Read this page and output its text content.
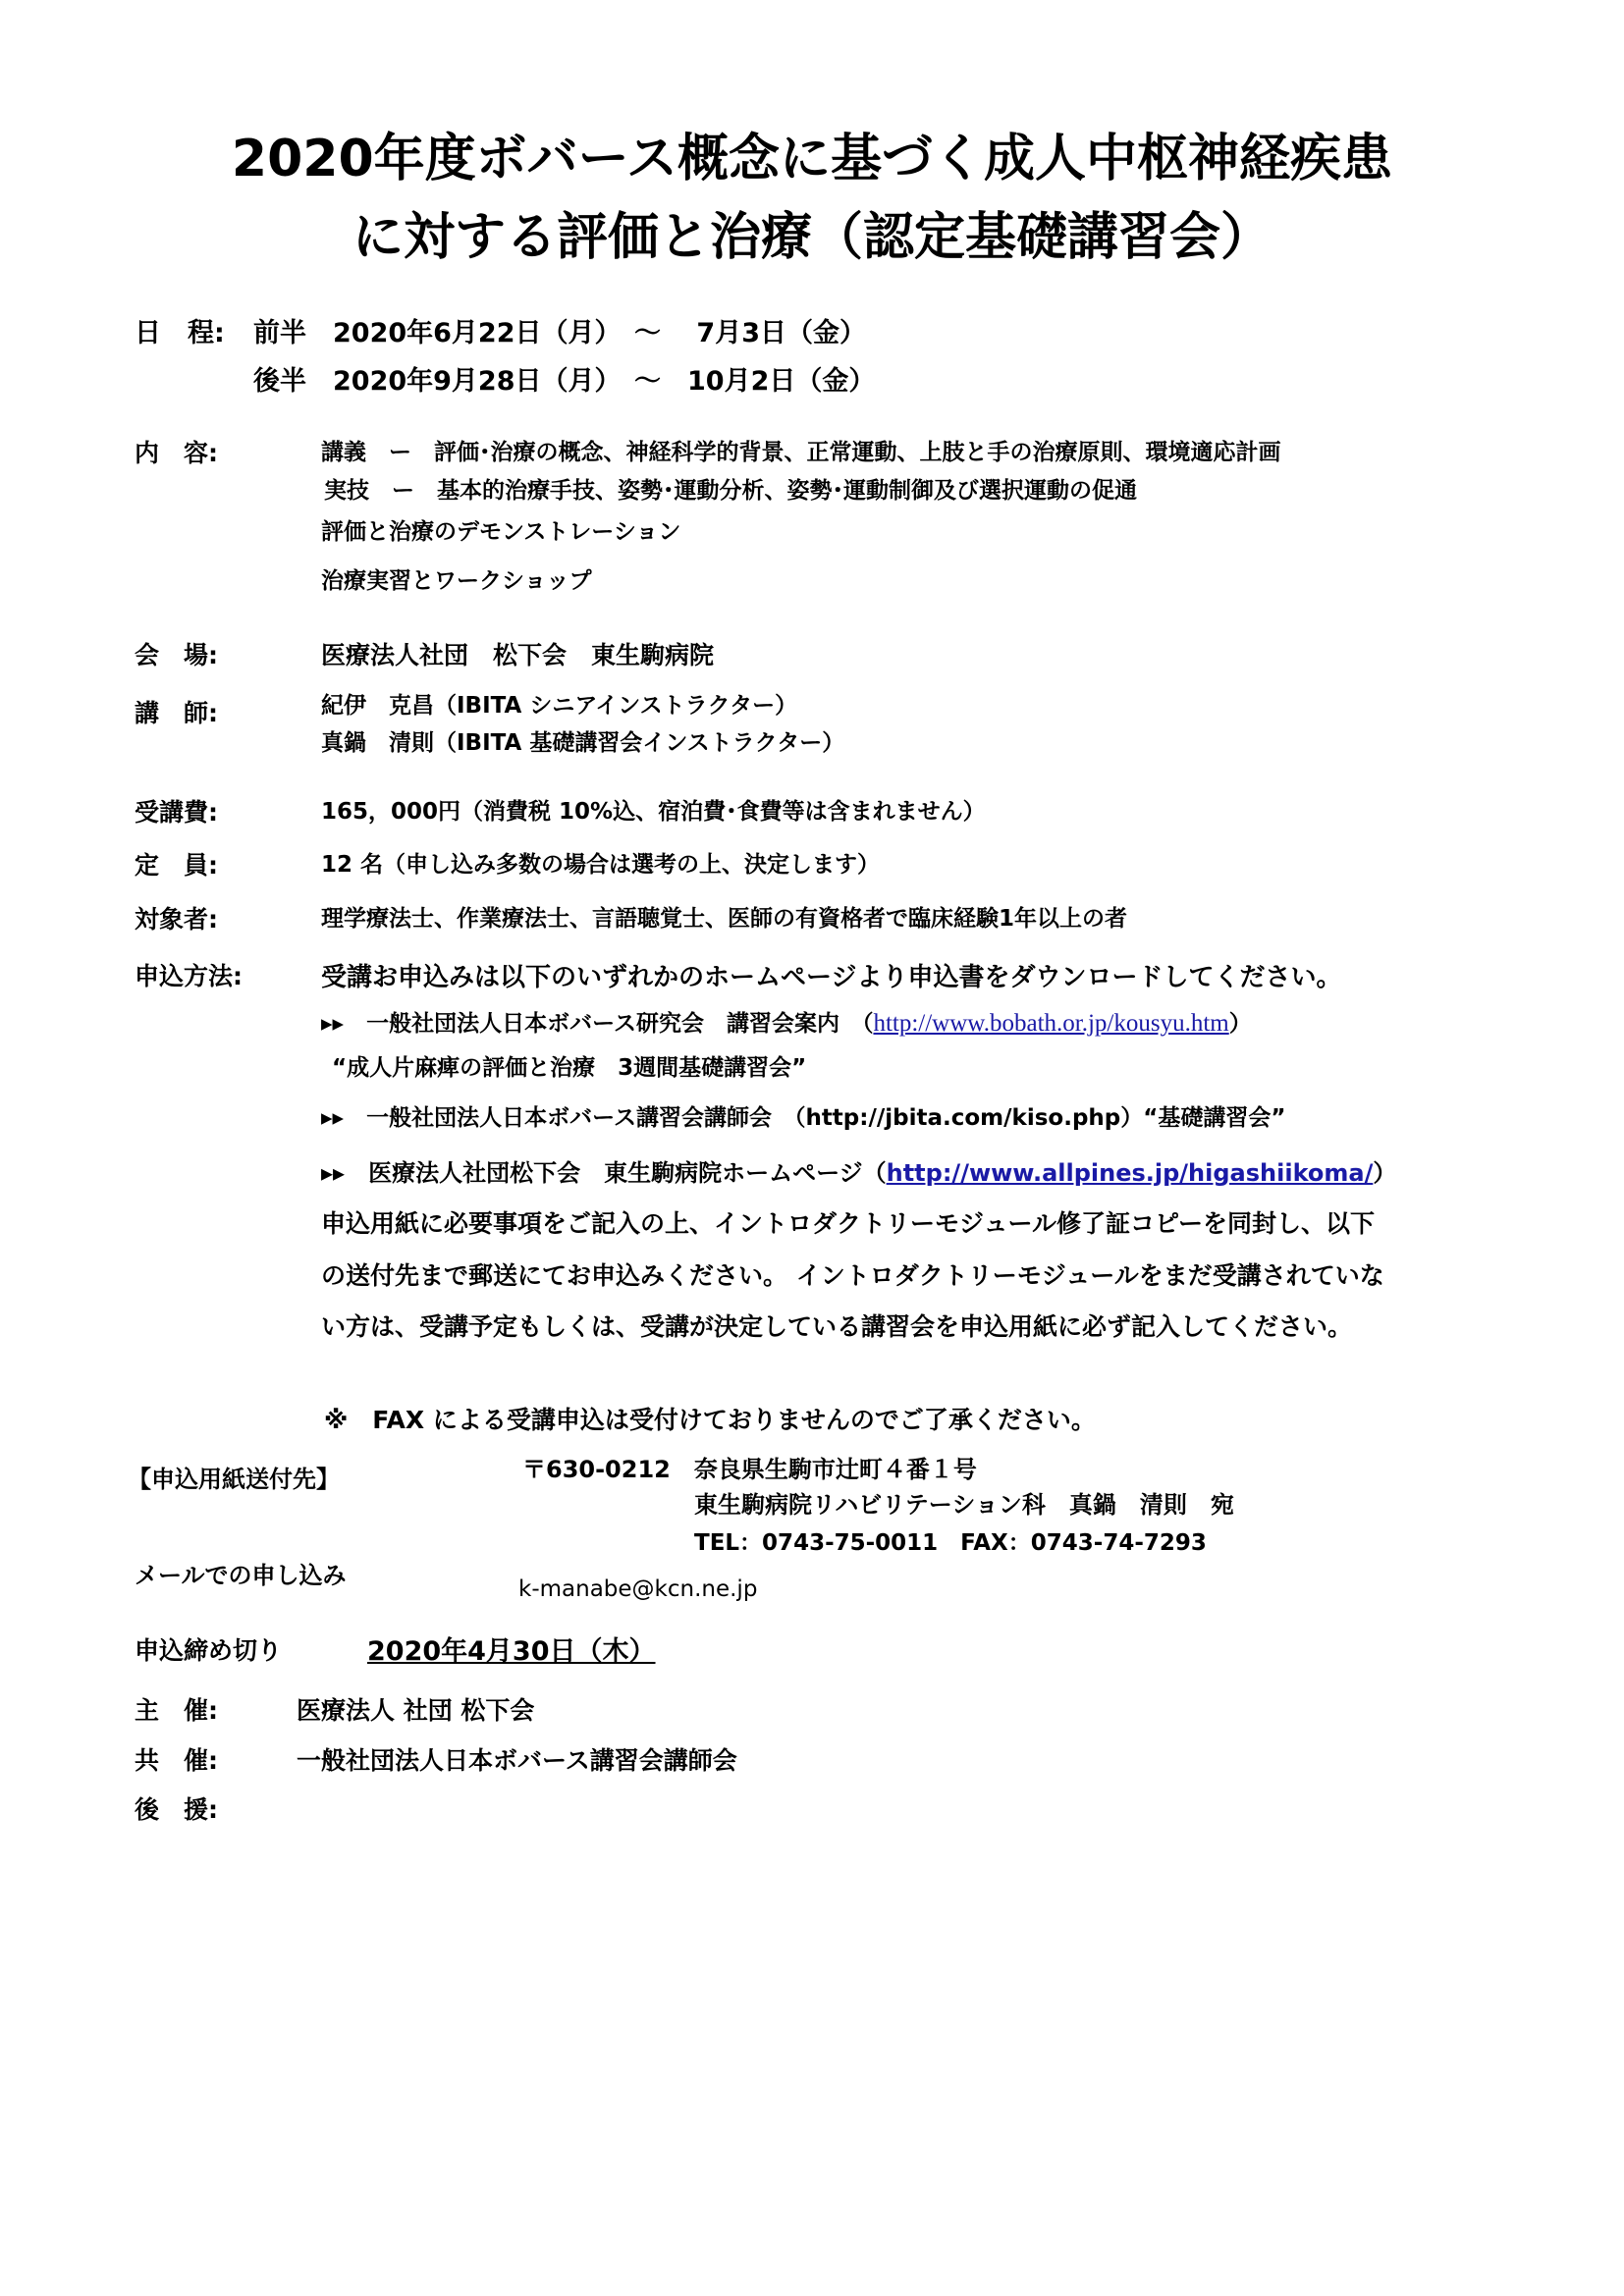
2020年度ボバース概念に基づく成人中枢神経疾患
に対する評価と治療（認定基礎講習会）
日　程: 前半　2020年6月22日（月）　～　 7月3日（金）
後半　2020年9月28日（月）　～　10月2日（金）
内　容:	講義　ー　評価･治療の概念、神経科学的背景、正常運動、上肢と手の治療原則、環境適応計画
実技　ー　基本的治療手技、姿勢･運動分析、姿勢･運動制御及び選択運動の促通
評価と治療のデモンストレーション
治療実習とワークショップ
会　場:	医療法人社団　松下会　東生駒病院
講　師:	紀伊　克昌（IBITA シニアインストラクター）
真鍋　清則（IBITA 基礎講習会インストラクター）
受講費:	165，000円（消費税 10%込、宿泊費･食費等は含まれません）
定　員:	12 名（申し込み多数の場合は選考の上、決定します）
対象者:	理学療法士、作業療法士、言語聴覚士、医師の有資格者で臨床経験1年以上の者
申込方法:	受講お申込みは以下のいずれかのホームページより申込書をダウンロードしてください。
▸▸　一般社団法人日本ボバース研究会　講習会案内　（http://www.bobath.or.jp/kousyu.htm）
“成人片麻痺の評価と治療　3週間基礎講習会”
▸▸　一般社団法人日本ボバース講習会講師会　（http://jbita.com/kiso.php）“基礎講習会”
▸▸　医療法人社団松下会　東生駒病院ホームページ（http://www.allpines.jp/higashiikoma/）
申込用紙に必要事項をご記入の上、イントロダクトリーモジュール修了証コピーを同封し、以下
の送付先まで郵送にてお申込みください。 イントロダクトリーモジュールをまだ受講されていな
い方は、受講予定もしくは、受講が決定している講習会を申込用紙に必ず記入してください。
※　FAX による受講申込は受付けておりませんのでご了承ください。
【申込用紙送付先】	〒630-0212　奈良県生駒市辻町４番１号
東生駒病院リハビリテーション科　真鍋　清則　宛
TEL：0743-75-0011　FAX：0743-74-7293
メールでの申し込み	k-manabe@kcn.ne.jp
申込締め切り	2020年4月30日（木）
主　催:	医療法人 社団 松下会
共　催:	一般社団法人日本ボバース講習会講師会
後　援:
